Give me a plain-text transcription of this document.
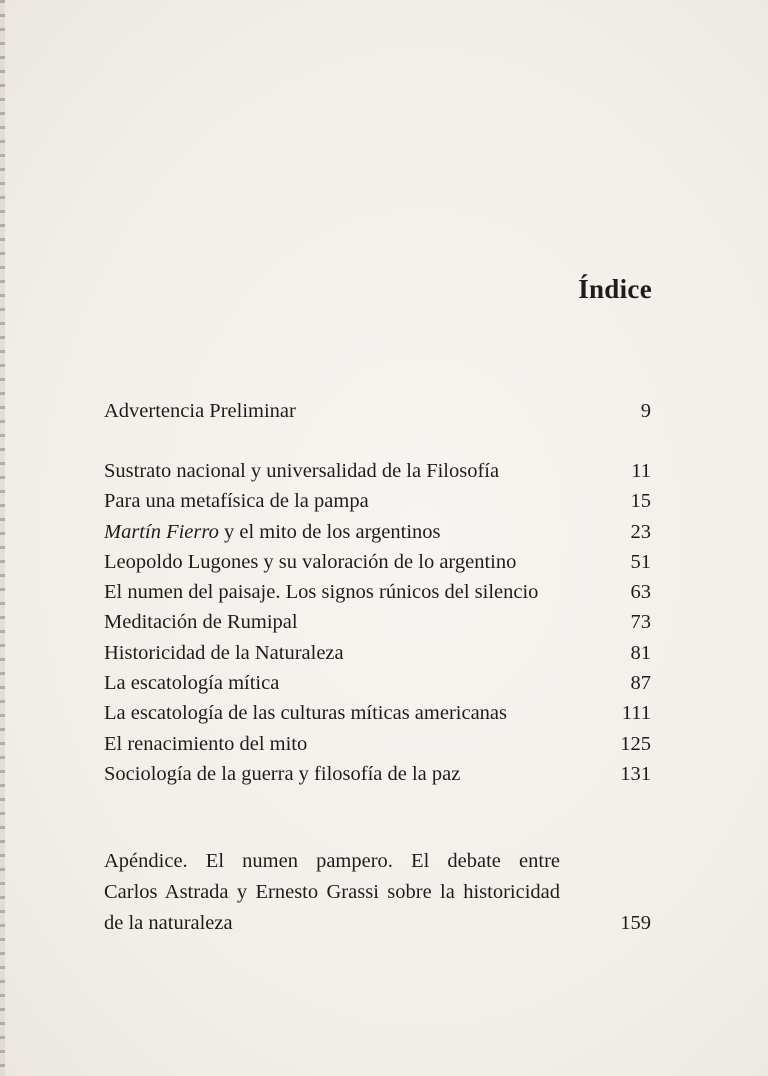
Índice
Advertencia Preliminar	9
Sustrato nacional y universalidad de la Filosofía	11
Para una metafísica de la pampa	15
Martín Fierro y el mito de los argentinos	23
Leopoldo Lugones y su valoración de lo argentino	51
El numen del paisaje. Los signos rúnicos del silencio	63
Meditación de Rumipal	73
Historicidad de la Naturaleza	81
La escatología mítica	87
La escatología de las culturas míticas americanas	111
El renacimiento del mito	125
Sociología de la guerra y filosofía de la paz	131
Apéndice. El numen pampero. El debate entre
Carlos Astrada y Ernesto Grassi sobre la historicidad
de la naturaleza	159
